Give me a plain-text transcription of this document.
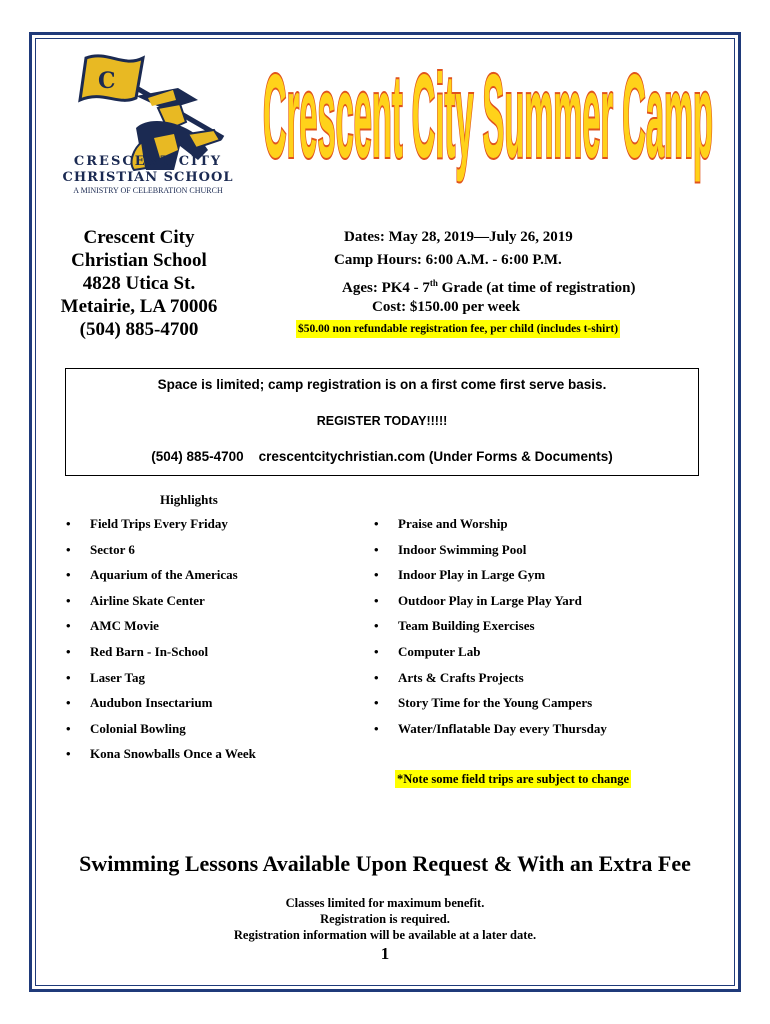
C
CRESCENT CITY
CHRISTIAN SCHOOL
A MINISTRY OF CELEBRATION CHURCH
Crescent City Summer Camp
Crescent City
Christian School
4828 Utica St.
Metairie, LA 70006
(504) 885-4700
Dates: May 28, 2019—July 26, 2019
Camp Hours: 6:00 A.M. - 6:00 P.M.
Ages: PK4 - 7th Grade (at time of registration)
Cost: $150.00 per week
$50.00 non refundable registration fee, per child (includes t-shirt)
Space is limited; camp registration is on a first come first serve basis.
REGISTER TODAY!!!!!
(504) 885-4700    crescentcitychristian.com (Under Forms & Documents)
Highlights
• Field Trips Every Friday
• Sector 6
• Aquarium of the Americas
• Airline Skate Center
• AMC Movie
• Red Barn - In-School
• Laser Tag
• Audubon Insectarium
• Colonial Bowling
• Kona Snowballs Once a Week
• Praise and Worship
• Indoor Swimming Pool
• Indoor Play in Large Gym
• Outdoor Play in Large Play Yard
• Team Building Exercises
• Computer Lab
• Arts & Crafts Projects
• Story Time for the Young Campers
• Water/Inflatable Day every Thursday
*Note some field trips are subject to change
Swimming Lessons Available Upon Request & With an Extra Fee
Classes limited for maximum benefit.
Registration is required.
Registration information will be available at a later date.
1
